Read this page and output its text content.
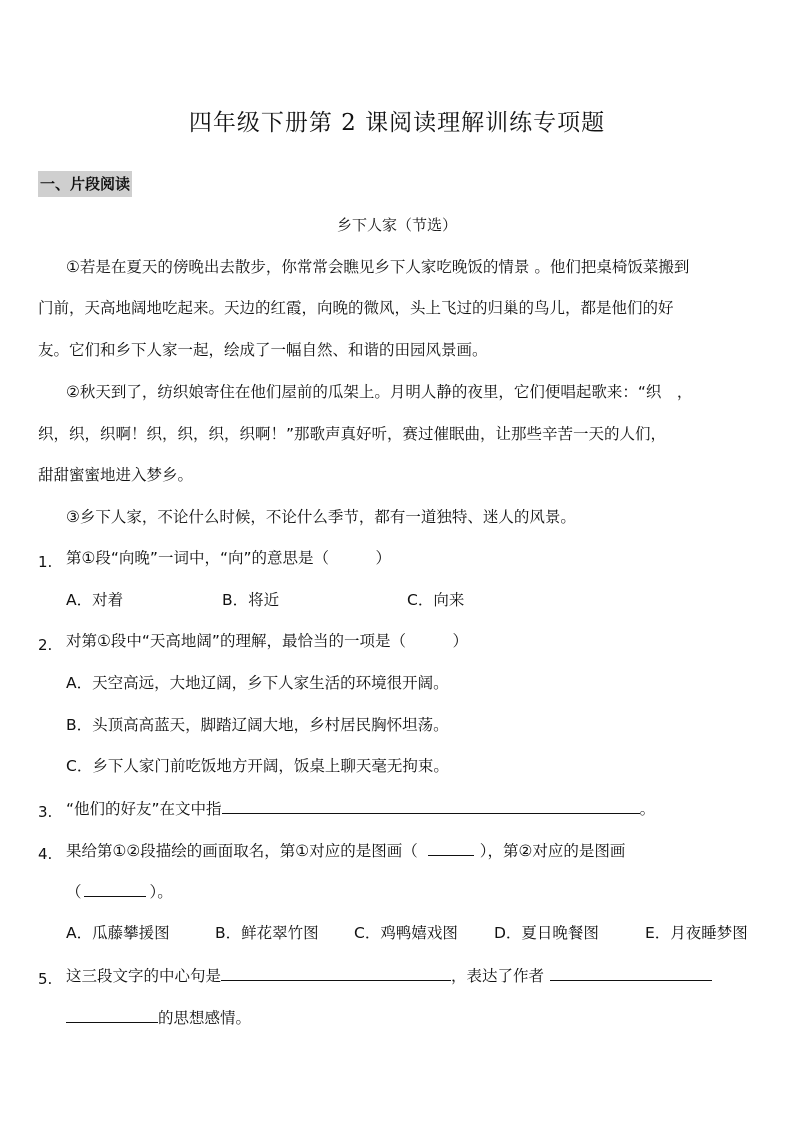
四年级下册第 2 课阅读理解训练专项题
一、片段阅读
乡下人家（节选）
①若是在夏天的傍晚出去散步，你常常会瞧见乡下人家吃晚饭的情景 。他们把桌椅饭菜搬到
门前，天高地阔地吃起来。天边的红霞，向晚的微风，头上飞过的归巢的鸟儿，都是他们的好
友。它们和乡下人家一起，绘成了一幅自然、和谐的田园风景画。
②秋天到了，纺织娘寄住在他们屋前的瓜架上。月明人静的夜里，它们便唱起歌来：“织　，
织，织，织啊！织，织，织，织啊！”那歌声真好听，赛过催眠曲，让那些辛苦一天的人们，
甜甜蜜蜜地进入梦乡。
③乡下人家，不论什么时候，不论什么季节，都有一道独特、迷人的风景。
1. 第①段“向晚”一词中，“向”的意思是（　　　）
A．对着	B．将近	C．向来
2. 对第①段中“天高地阔”的理解，最恰当的一项是（　　　）
A．天空高远，大地辽阔，乡下人家生活的环境很开阔。
B．头顶高高蓝天，脚踏辽阔大地，乡村居民胸怀坦荡。
C．乡下人家门前吃饭地方开阔，饭桌上聊天毫无拘束。
3. “他们的好友”在文中指	。
4. 果给第①②段描绘的画面取名，第①对应的是图画（	），第②对应的是图画
（	）。
A．瓜藤攀援图	B．鲜花翠竹图 C．鸡鸭嬉戏图 D．夏日晚餐图	E．月夜睡梦图
5. 这三段文字的中心句是	，表达了作者
的思想感情。
